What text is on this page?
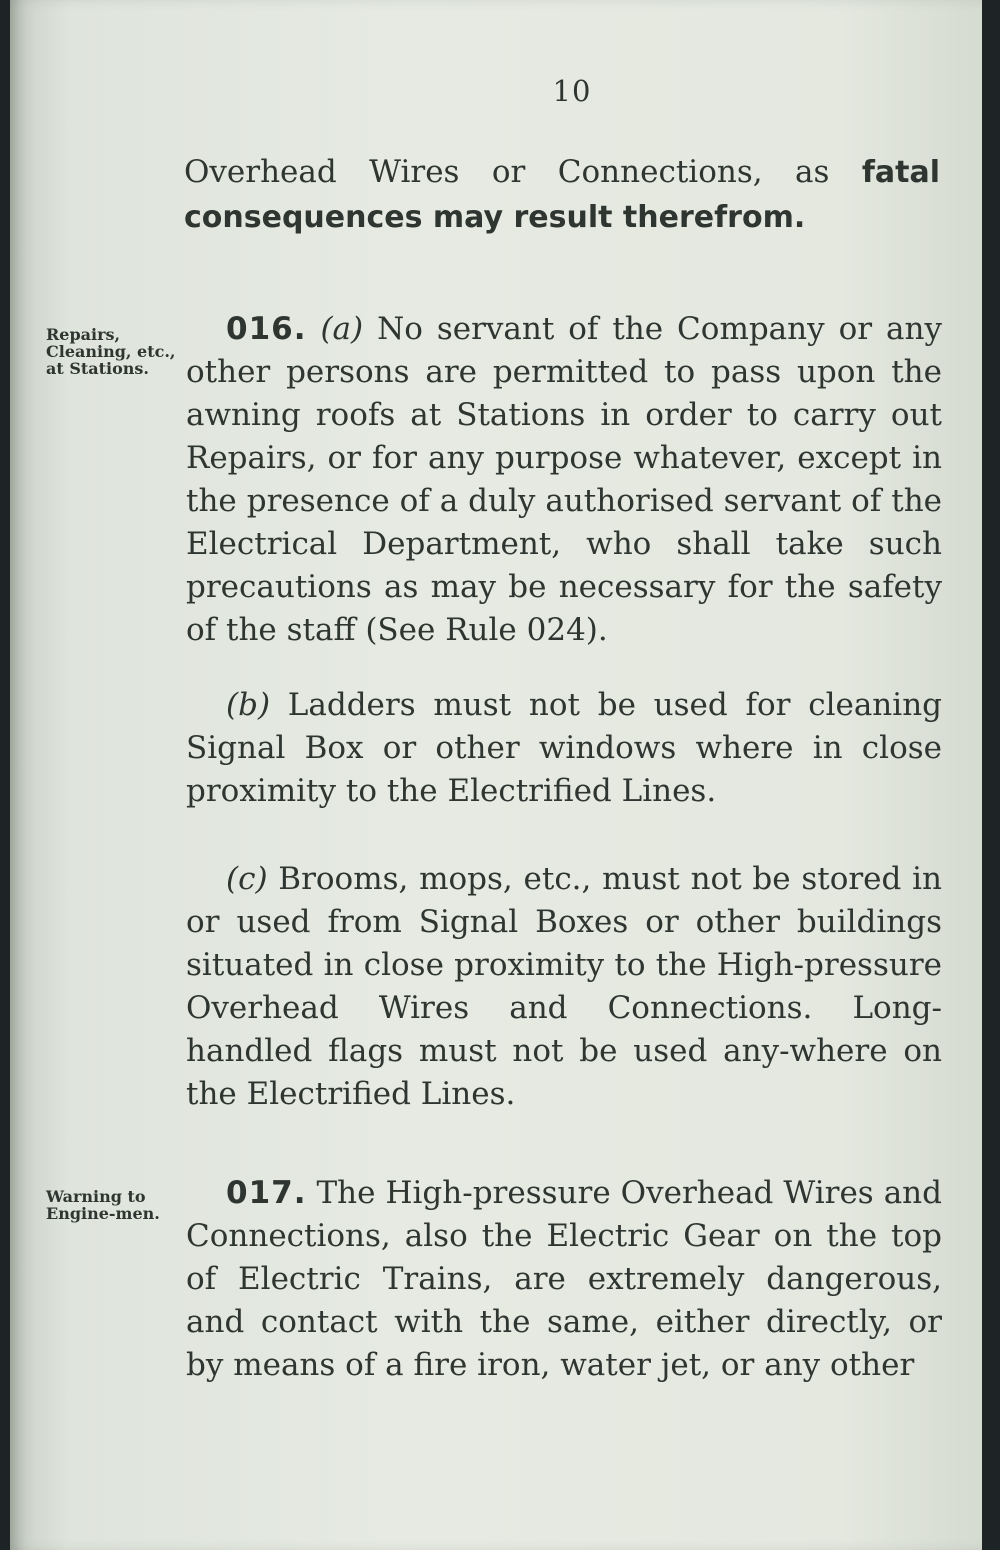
10
Overhead Wires or Connections, as fatal consequences may result therefrom.
Repairs, Cleaning, etc., at Stations.
016. (a) No servant of the Company or any other persons are permitted to pass upon the awning roofs at Stations in order to carry out Repairs, or for any purpose whatever, except in the presence of a duly authorised servant of the Electrical Department, who shall take such precautions as may be necessary for the safety of the staff (See Rule 024).
(b) Ladders must not be used for cleaning Signal Box or other windows where in close proximity to the Electrified Lines.
(c) Brooms, mops, etc., must not be stored in or used from Signal Boxes or other buildings situated in close proximity to the High-pressure Overhead Wires and Connections. Long-handled flags must not be used any-where on the Electrified Lines.
Warning to Engine-men.
017. The High-pressure Overhead Wires and Connections, also the Electric Gear on the top of Electric Trains, are extremely dangerous, and contact with the same, either directly, or by means of a fire iron, water jet, or any other
